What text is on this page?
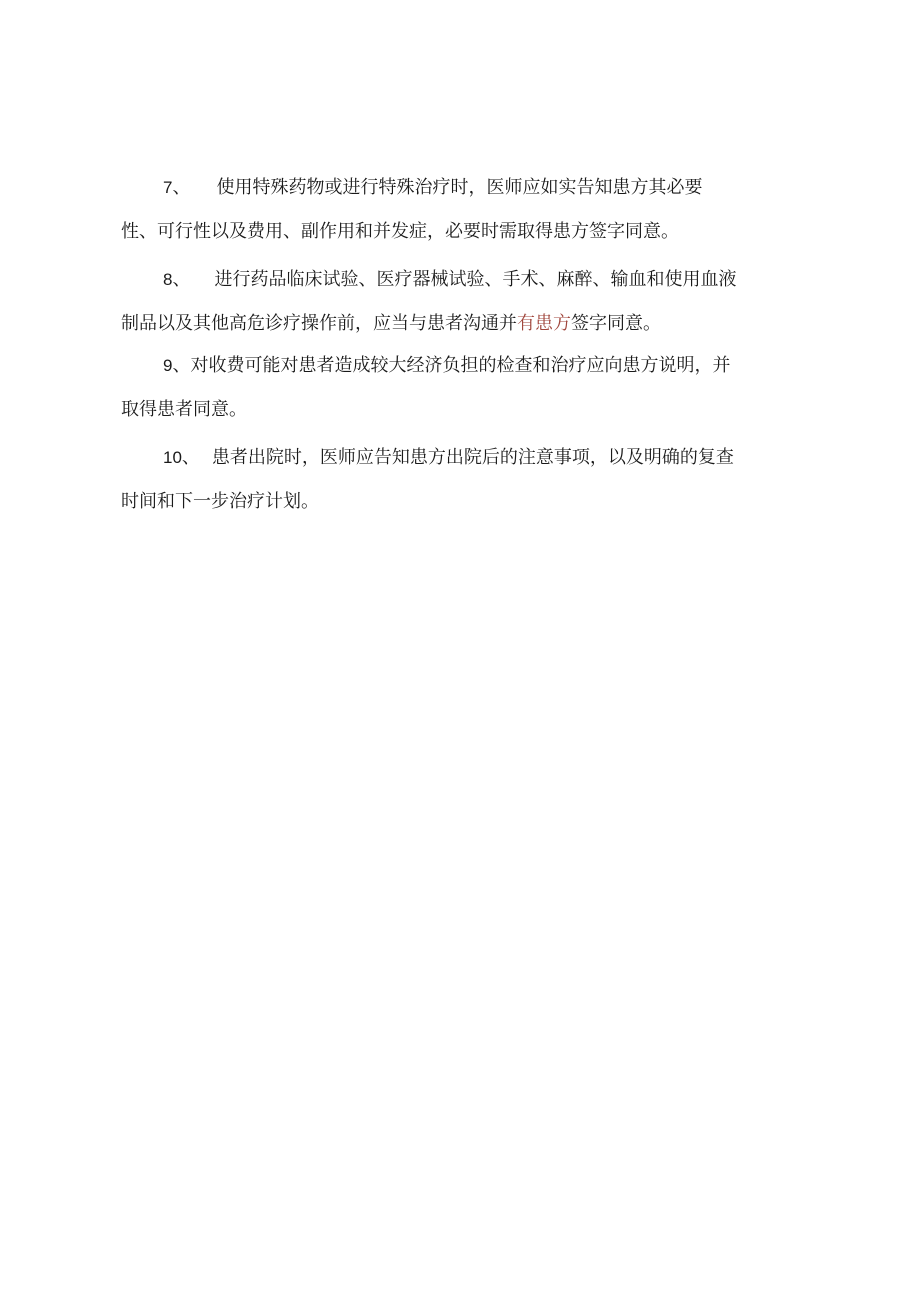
7、 使用特殊药物或进行特殊治疗时，医师应如实告知患方其必要
性、可行性以及费用、副作用和并发症，必要时需取得患方签字同意。
8、 进行药品临床试验、医疗器械试验、手术、麻醉、输血和使用血液
制品以及其他高危诊疗操作前，应当与患者沟通并有患方签字同意。
9、对收费可能对患者造成较大经济负担的检查和治疗应向患方说明，并
取得患者同意。
10、 患者出院时，医师应告知患方出院后的注意事项，以及明确的复查
时间和下一步治疗计划。
